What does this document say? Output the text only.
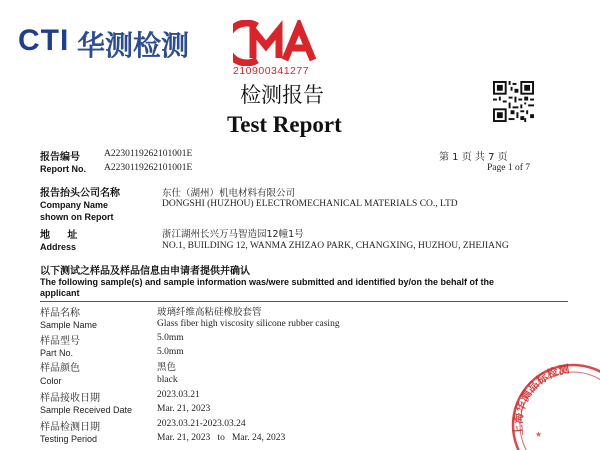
CTI 华测检测
210900341277
检测报告
Test Report
报告编号	A2230119262101001E	第 1 页 共 7 页
Report No. A2230119262101001E	Page 1 of 7
报告抬头公司名称	东仕（湖州）机电材料有限公司
Company Name	DONGSHI (HUZHOU) ELECTROMECHANICAL MATERIALS CO., LTD
shown on Report
地     址	浙江湖州长兴万马智造园12幢1号
Address	NO.1, BUILDING 12, WANMA ZHIZAO PARK, CHANGXING, HUZHOU, ZHEJIANG
以下测试之样品及样品信息由申请者提供并确认
The following sample(s) and sample information was/were submitted and identified by/on the behalf of the
applicant
样品名称	玻璃纤维高粘硅橡胶套管
Sample Name	Glass fiber high viscosity silicone rubber casing
样品型号	5.0mm
Part No.	5.0mm
样品颜色	黑色
Color	black
样品接收日期	2023.03.21
Sample Received Date	Mar. 21, 2023
样品检测日期	2023.03.21-2023.03.24
Testing Period	Mar. 21, 2023   to   Mar. 24, 2023
上海华测品标检测
★
